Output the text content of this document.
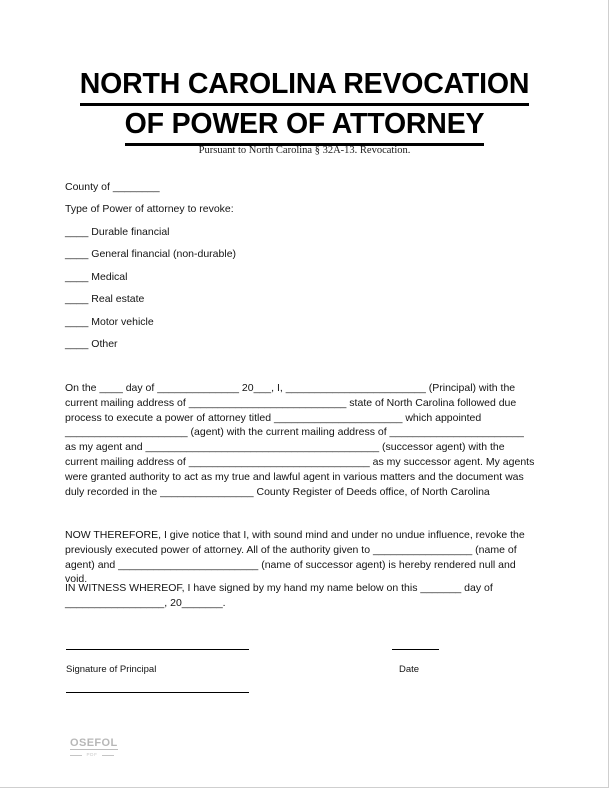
NORTH CAROLINA REVOCATION
OF POWER OF ATTORNEY
Pursuant to North Carolina § 32A-13. Revocation.
County of ________
Type of Power of attorney to revoke:
____ Durable financial
____ General financial (non-durable)
____ Medical
____ Real estate
____ Motor vehicle
____ Other
On the ____ day of ______________ 20___, I, ________________________ (Principal) with the current mailing address of ___________________________ state of North Carolina followed due process to execute a power of attorney titled ______________________ which appointed _____________________ (agent) with the current mailing address of _______________________ as my agent and ________________________________________ (successor agent) with the current mailing address of _______________________________ as my successor agent. My agents were granted authority to act as my true and lawful agent in various matters and the document was duly recorded in the ________________ County Register of Deeds office, of North Carolina
NOW THEREFORE, I give notice that I, with sound mind and under no undue influence, revoke the previously executed power of attorney. All of the authority given to _________________ (name of agent) and ________________________ (name of successor agent) is hereby rendered null and void.
IN WITNESS WHEREOF, I have signed by my hand my name below on this _______ day of _________________, 20_______.
Signature of Principal	Date
OSEFOL
PDF
